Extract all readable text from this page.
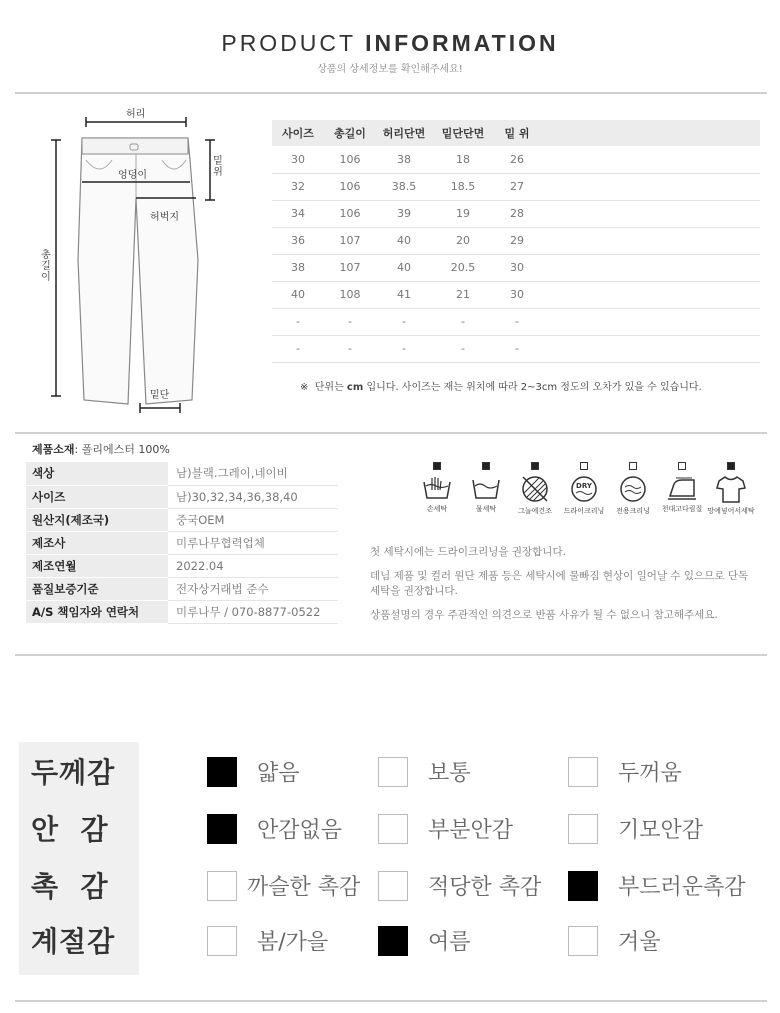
PRODUCT INFORMATION
상품의 상세정보를 확인해주세요!
허리
엉덩이
허벅지
밑위
총길이
밑단
사이즈	총길이	허리단면	밑단단면	밑 위	
30	106	38	18	26	
32	106	38.5	18.5	27	
34	106	39	19	28	
36	107	40	20	29	
38	107	40	20.5	30	
40	108	41	21	30	
-	-	-	-	-	
-	-	-	-	-	
※ 단위는 cm 입니다. 사이즈는 재는 위치에 따라 2~3cm 정도의 오차가 있을 수 있습니다.
제품소재: 폴리에스터 100%
색상	남)블랙.그레이,네이비
사이즈	남)30,32,34,36,38,40
원산지(제조국)	중국OEM
제조사	미루나무협력업체
제조연월	2022.04
품질보증기준	전자상거래법 준수
A/S 책임자와 연락처	미루나무 / 070-8877-0522
손세탁	물세탁	그늘에건조
DRY
드라이크리닝	전용크리닝	천대고다림질 망에넣어서세탁

첫 세탁시에는 드라이크리닝을 권장합니다.

데님 제품 및 컬러 원단 제품 등은 세탁시에 물빠짐 현상이 일어날 수 있으므로 단독 세탁을 권장합니다.

상품설명의 경우 주관적인 의견으로 반품 사유가 될 수 없으니 참고해주세요.

두께감	얇음	보통	두꺼움
안  감	안감없음	부분안감	기모안감
촉  감	까슬한 촉감	적당한 촉감	부드러운촉감
계절감	봄/가을	여름	겨울
